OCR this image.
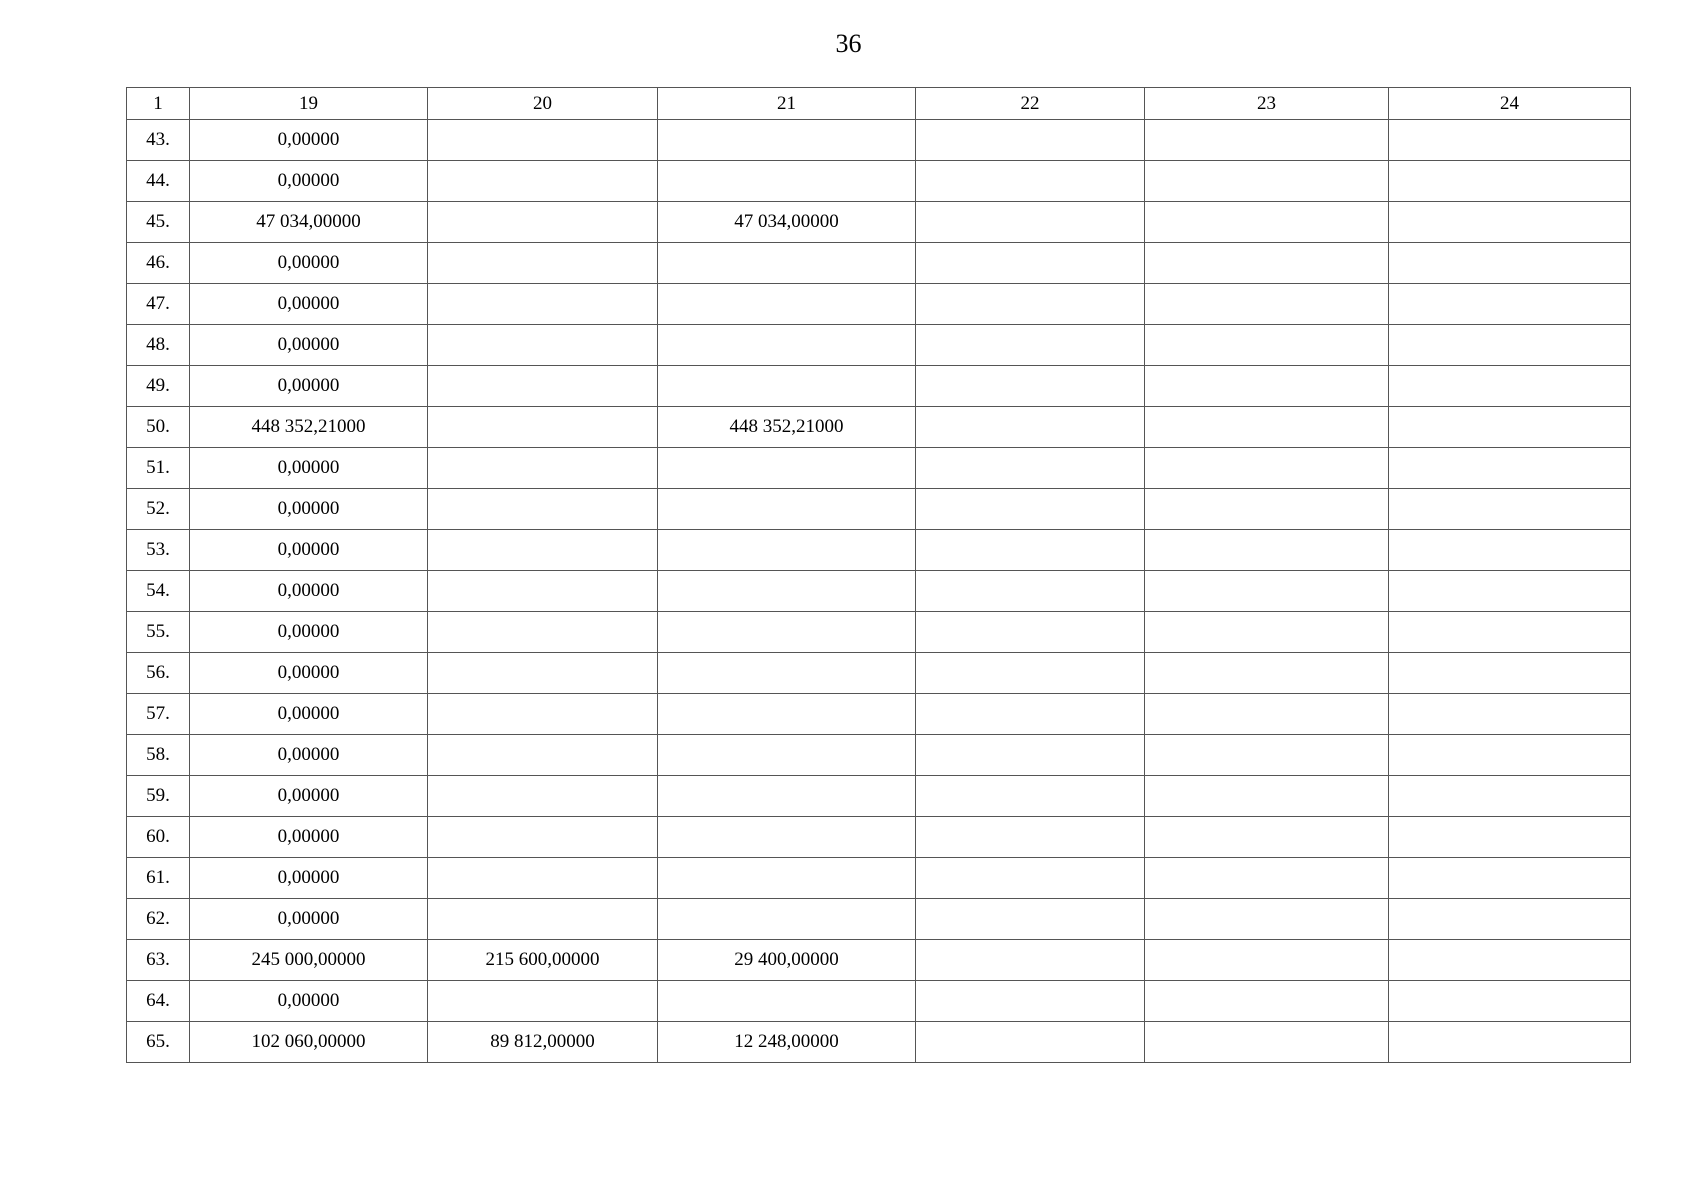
36
1	19	20	21	22	23	24
43.	0,00000					
44.	0,00000					
45.	47 034,00000		47 034,00000			
46.	0,00000					
47.	0,00000					
48.	0,00000					
49.	0,00000					
50.	448 352,21000		448 352,21000			
51.	0,00000					
52.	0,00000					
53.	0,00000					
54.	0,00000					
55.	0,00000					
56.	0,00000					
57.	0,00000					
58.	0,00000					
59.	0,00000					
60.	0,00000					
61.	0,00000					
62.	0,00000					
63.	245 000,00000	215 600,00000	29 400,00000			
64.	0,00000					
65.	102 060,00000	89 812,00000	12 248,00000			
